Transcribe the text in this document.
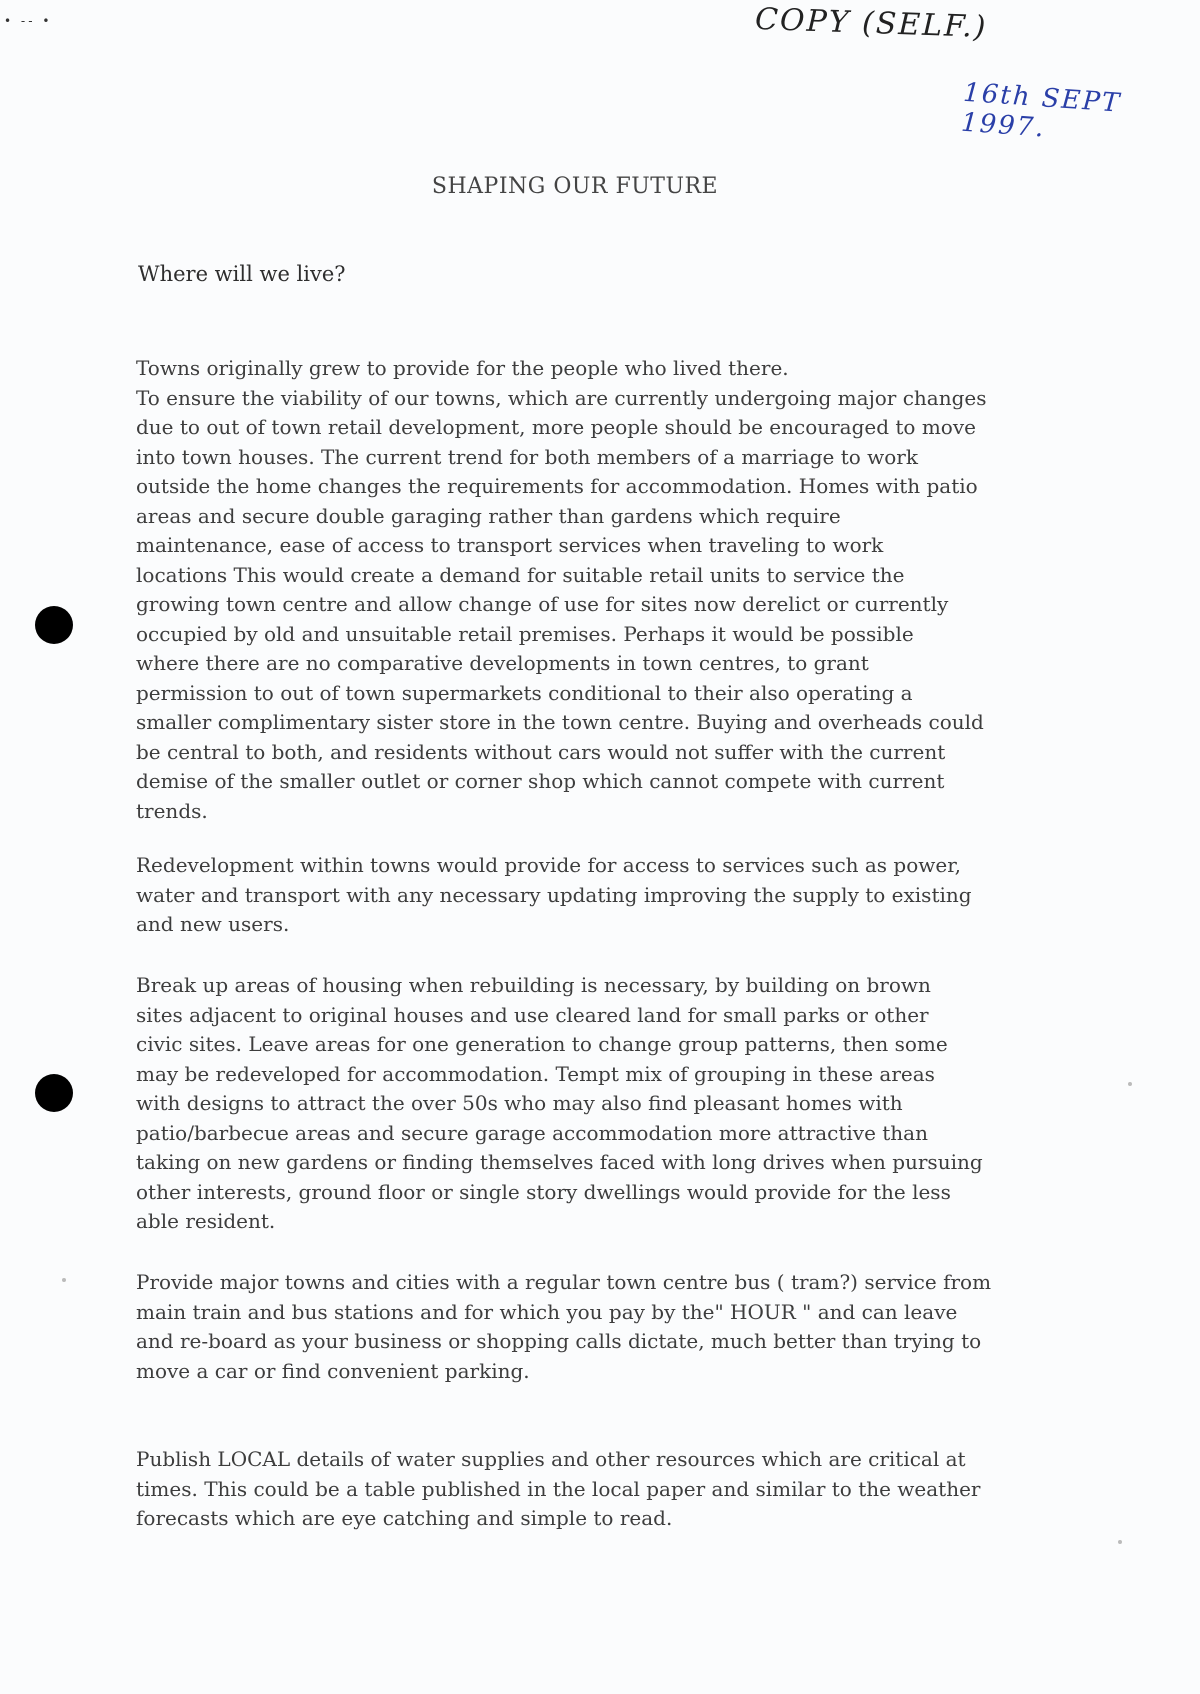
• -- •	COPY (SELF.)
16th SEPT 1997.
SHAPING OUR FUTURE
Where will we live?
Towns originally grew to provide for the people who lived there.
To ensure the viability of our towns, which are currently undergoing major changes
due to out of town retail development, more people should be encouraged to move
into town houses. The current trend for both members of a marriage to work
outside the home changes the requirements for accommodation. Homes with patio
areas and secure double garaging rather than gardens which require
maintenance, ease of access to transport services when traveling to work
locations This would create a demand for suitable retail units to service the
growing town centre and allow change of use for sites now derelict or currently
occupied by old and unsuitable retail premises. Perhaps it would be possible
where there are no comparative developments in town centres, to grant
permission to out of town supermarkets conditional to their also operating a
smaller complimentary sister store in the town centre. Buying and overheads could
be central to both, and residents without cars would not suffer with the current
demise of the smaller outlet or corner shop which cannot compete with current
trends.
Redevelopment within towns would provide for access to services such as power,
water and transport with any necessary updating improving the supply to existing
and new users.
Break up areas of housing when rebuilding is necessary, by building on brown
sites adjacent to original houses and use cleared land for small parks or other
civic sites. Leave areas for one generation to change group patterns, then some
may be redeveloped for accommodation. Tempt mix of grouping in these areas
with designs to attract the over 50s who may also find pleasant homes with
patio/barbecue areas and secure garage accommodation more attractive than
taking on new gardens or finding themselves faced with long drives when pursuing
other interests, ground floor or single story dwellings would provide for the less
able resident.
Provide major towns and cities with a regular town centre bus ( tram?) service from
main train and bus stations and for which you pay by the" HOUR " and can leave
and re-board as your business or shopping calls dictate, much better than trying to
move a car or find convenient parking.
Publish LOCAL details of water supplies and other resources which are critical at
times. This could be a table published in the local paper and similar to the weather
forecasts which are eye catching and simple to read.
